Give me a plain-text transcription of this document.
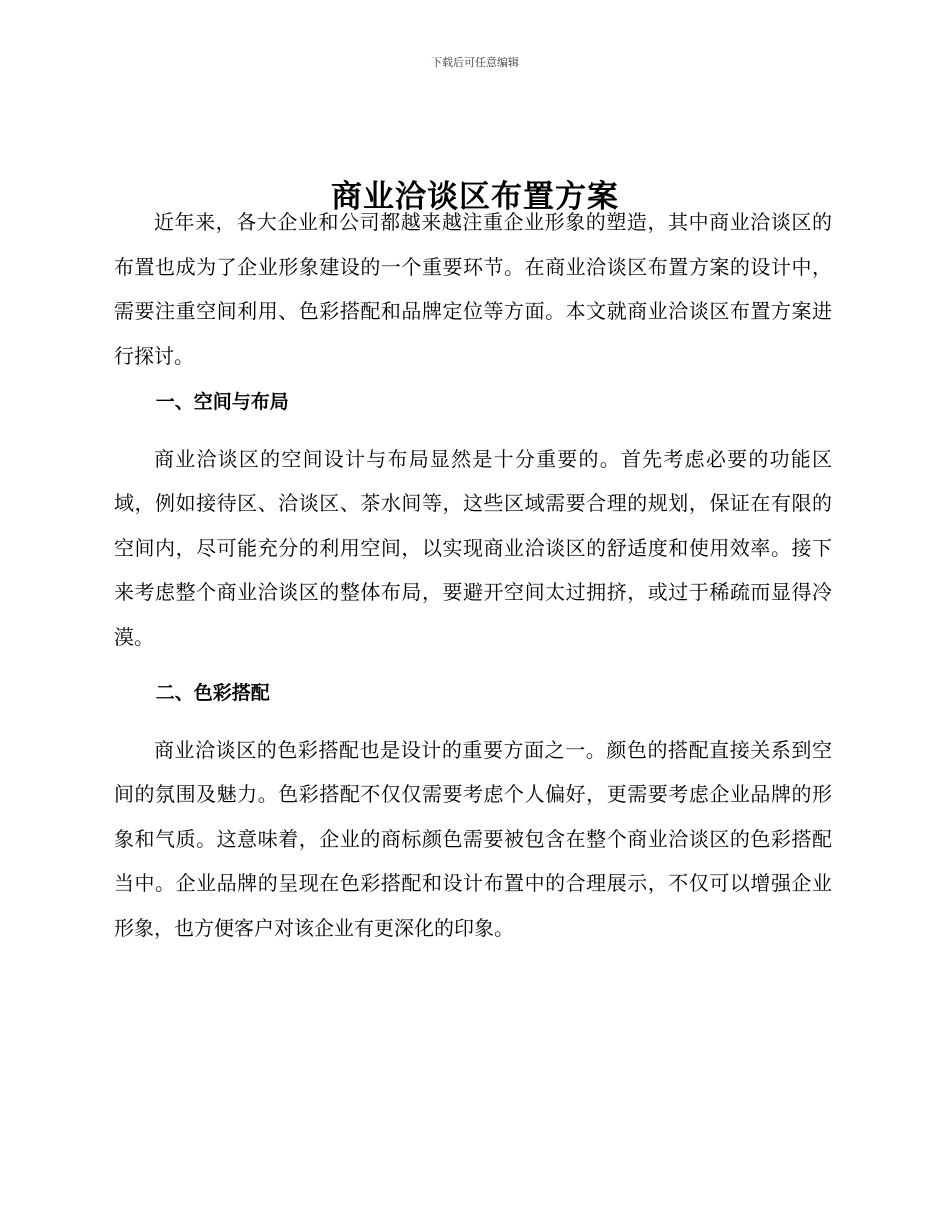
下载后可任意编辑
商业洽谈区布置方案

近年来，各大企业和公司都越来越注重企业形象的塑造，其中商业洽谈区的布置也成为了企业形象建设的一个重要环节。在商业洽谈区布置方案的设计中，需要注重空间利用、色彩搭配和品牌定位等方面。本文就商业洽谈区布置方案进行探讨。

一、空间与布局

商业洽谈区的空间设计与布局显然是十分重要的。首先考虑必要的功能区域，例如接待区、洽谈区、茶水间等，这些区域需要合理的规划，保证在有限的空间内，尽可能充分的利用空间，以实现商业洽谈区的舒适度和使用效率。接下来考虑整个商业洽谈区的整体布局，要避开空间太过拥挤，或过于稀疏而显得冷漠。

二、色彩搭配

商业洽谈区的色彩搭配也是设计的重要方面之一。颜色的搭配直接关系到空间的氛围及魅力。色彩搭配不仅仅需要考虑个人偏好，更需要考虑企业品牌的形象和气质。这意味着，企业的商标颜色需要被包含在整个商业洽谈区的色彩搭配当中。企业品牌的呈现在色彩搭配和设计布置中的合理展示，不仅可以增强企业形象，也方便客户对该企业有更深化的印象。
